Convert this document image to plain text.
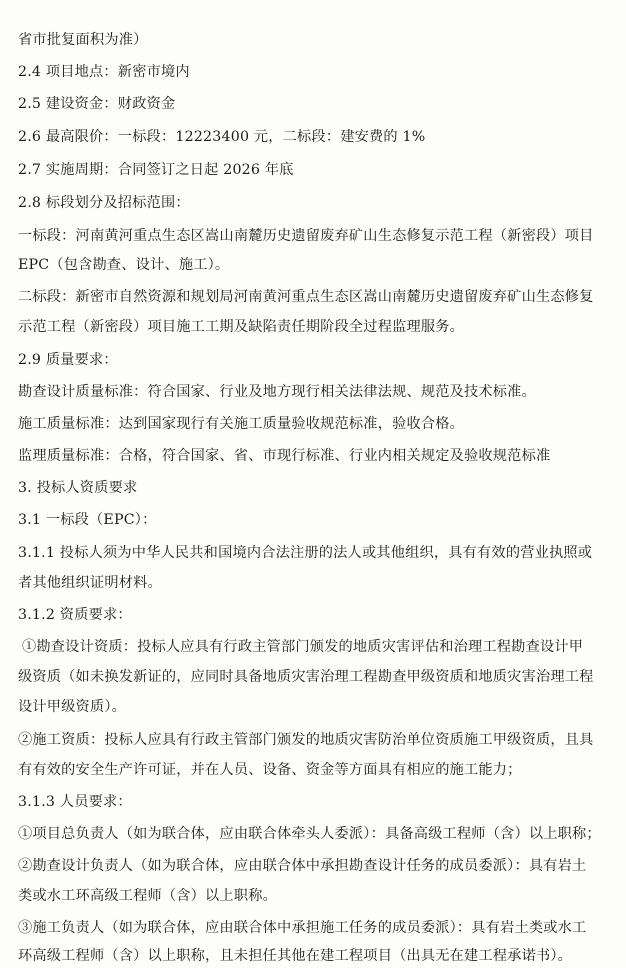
省市批复面积为准）
2.4 项目地点：新密市境内
2.5 建设资金：财政资金
2.6 最高限价：一标段：12223400 元，二标段：建安费的 1%
2.7 实施周期：合同签订之日起 2026 年底
2.8 标段划分及招标范围：
一标段：河南黄河重点生态区嵩山南麓历史遗留废弃矿山生态修复示范工程（新密段）项目
EPC（包含勘查、设计、施工）。
二标段：新密市自然资源和规划局河南黄河重点生态区嵩山南麓历史遗留废弃矿山生态修复
示范工程（新密段）项目施工工期及缺陷责任期阶段全过程监理服务。
2.9 质量要求：
勘查设计质量标准：符合国家、行业及地方现行相关法律法规、规范及技术标准。
施工质量标准：达到国家现行有关施工质量验收规范标准，验收合格。
监理质量标准：合格，符合国家、省、市现行标准、行业内相关规定及验收规范标准
3. 投标人资质要求
3.1 一标段（EPC）：
3.1.1 投标人须为中华人民共和国境内合法注册的法人或其他组织，具有有效的营业执照或
者其他组织证明材料。
3.1.2 资质要求：
①勘查设计资质：投标人应具有行政主管部门颁发的地质灾害评估和治理工程勘查设计甲
级资质（如未换发新证的，应同时具备地质灾害治理工程勘查甲级资质和地质灾害治理工程
设计甲级资质）。
②施工资质：投标人应具有行政主管部门颁发的地质灾害防治单位资质施工甲级资质，且具
有有效的安全生产许可证，并在人员、设备、资金等方面具有相应的施工能力；
3.1.3 人员要求：
①项目总负责人（如为联合体，应由联合体牵头人委派）：具备高级工程师（含）以上职称；
②勘查设计负责人（如为联合体，应由联合体中承担勘查设计任务的成员委派）：具有岩土
类或水工环高级工程师（含）以上职称。
③施工负责人（如为联合体，应由联合体中承担施工任务的成员委派）：具有岩土类或水工
环高级工程师（含）以上职称，且未担任其他在建工程项目（出具无在建工程承诺书）。
